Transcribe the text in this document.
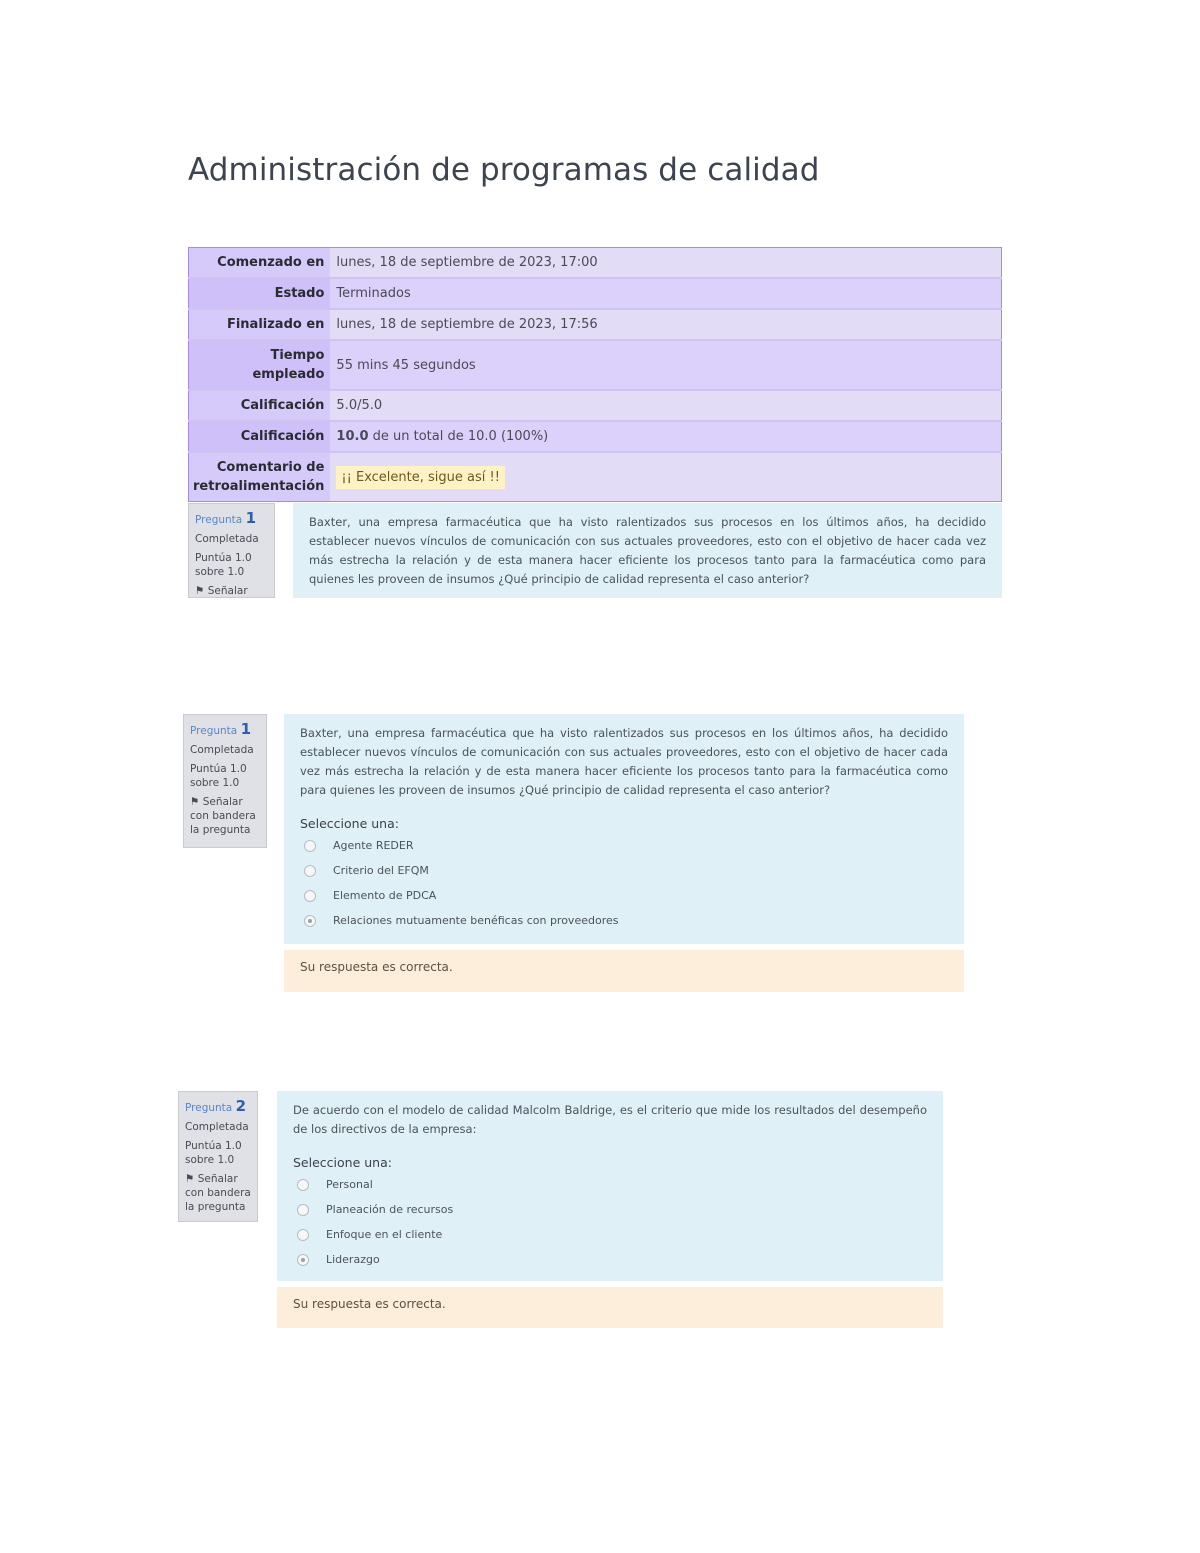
Administración de programas de calidad
Comenzado en	lunes, 18 de septiembre de 2023, 17:00
Estado	Terminados
Finalizado en	lunes, 18 de septiembre de 2023, 17:56
Tiempo
empleado	55 mins 45 segundos
Calificación	5.0/5.0
Calificación	10.0 de un total de 10.0 (100%)
Comentario de
retroalimentación	¡¡ Excelente, sigue así !!
Pregunta 1
Completada
Puntúa 1.0
sobre 1.0
⚑ Señalar

Baxter, una empresa farmacéutica que ha visto ralentizados sus procesos en los últimos años, ha decidido establecer nuevos vínculos de comunicación con sus actuales proveedores, esto con el objetivo de hacer cada vez más estrecha la relación y de esta manera hacer eficiente los procesos tanto para la farmacéutica como para quienes les proveen de insumos ¿Qué principio de calidad representa el caso anterior?

Pregunta 1
Completada
Puntúa 1.0
sobre 1.0
⚑ Señalar con bandera la pregunta

Baxter, una empresa farmacéutica que ha visto ralentizados sus procesos en los últimos años, ha decidido establecer nuevos vínculos de comunicación con sus actuales proveedores, esto con el objetivo de hacer cada vez más estrecha la relación y de esta manera hacer eficiente los procesos tanto para la farmacéutica como para quienes les proveen de insumos ¿Qué principio de calidad representa el caso anterior?

Seleccione una:
Agente REDER
Criterio del EFQM
Elemento de PDCA
Relaciones mutuamente benéficas con proveedores
Su respuesta es correcta.
Pregunta 2
Completada
Puntúa 1.0
sobre 1.0
⚑ Señalar con bandera la pregunta

De acuerdo con el modelo de calidad Malcolm Baldrige, es el criterio que mide los resultados del desempeño de los directivos de la empresa:

Seleccione una:
Personal
Planeación de recursos
Enfoque en el cliente
Liderazgo
Su respuesta es correcta.
